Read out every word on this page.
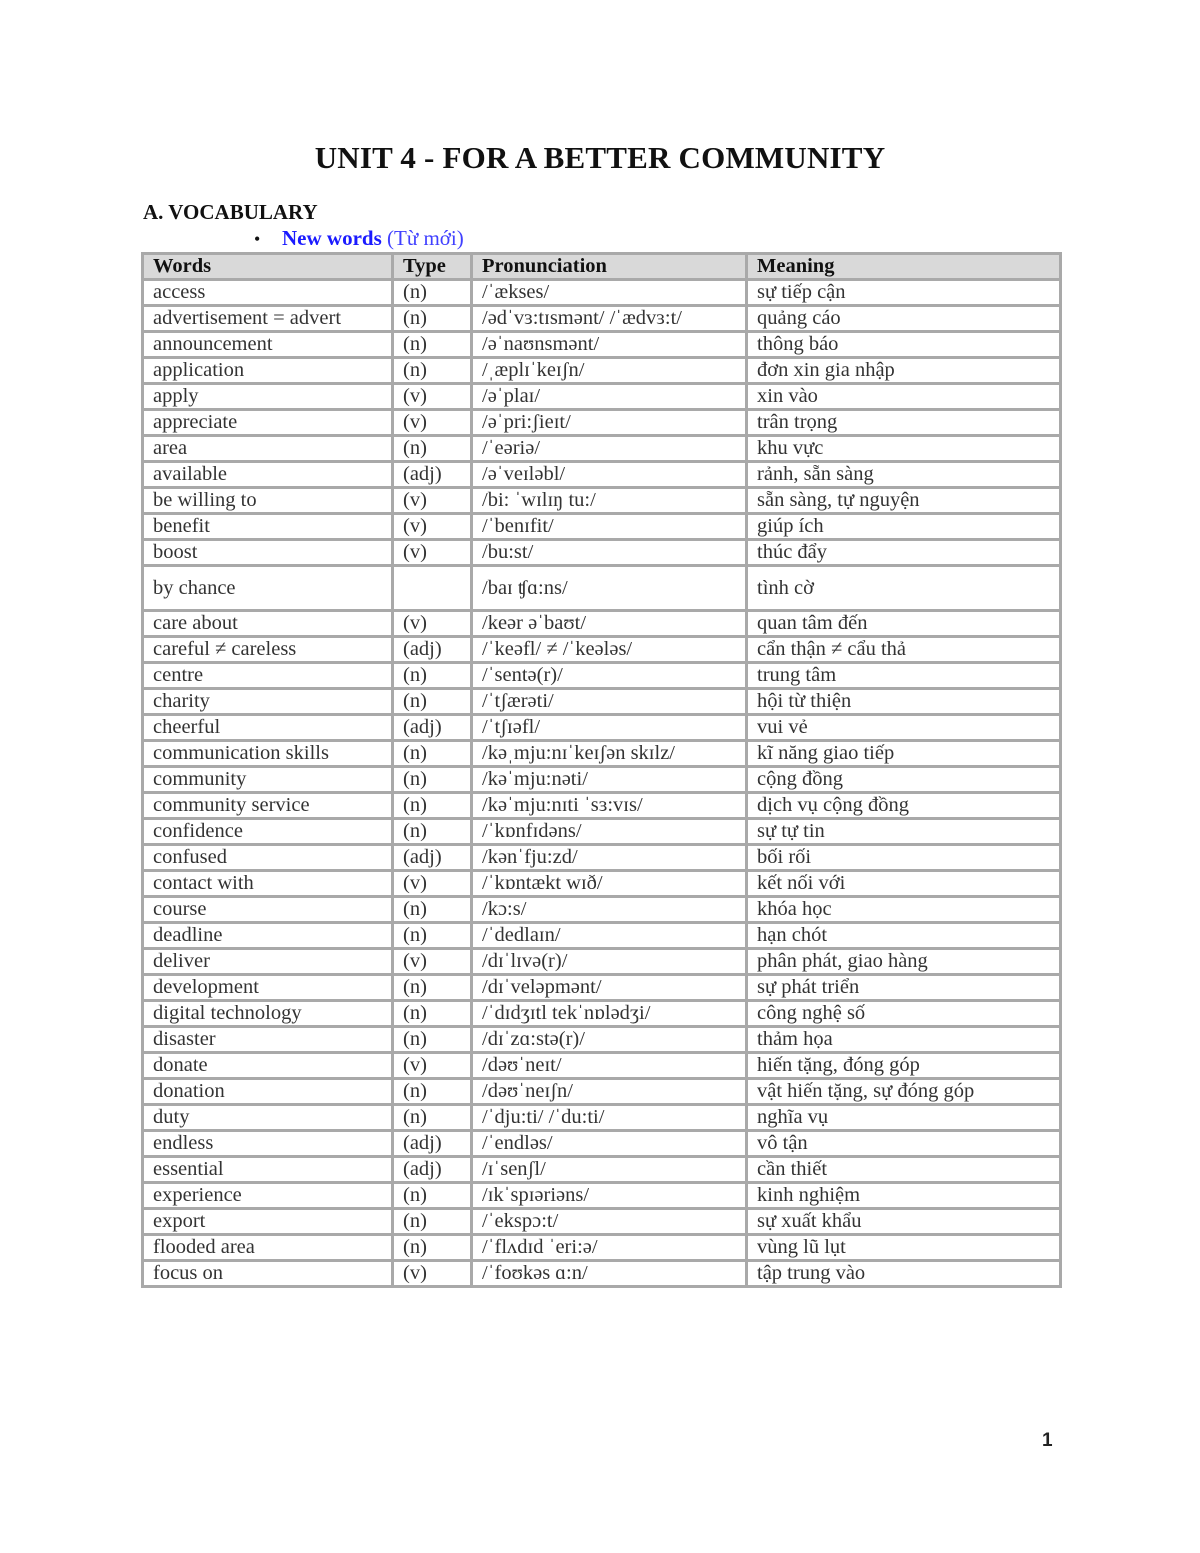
UNIT 4 - FOR A BETTER COMMUNITY
A. VOCABULARY
• New words (Từ mới)
Words	Type	Pronunciation	Meaning
access	(n)	/ˈækses/	sự tiếp cận
advertisement = advert	(n)	/ədˈvɜ:tɪsmənt/ /ˈædvɜ:t/	quảng cáo
announcement	(n)	/əˈnaʊnsmənt/	thông báo
application	(n)	/ˌæplɪˈkeɪʃn/	đơn xin gia nhập
apply	(v)	/əˈplaɪ/	xin vào
appreciate	(v)	/əˈpri:ʃieɪt/	trân trọng
area	(n)	/ˈeəriə/	khu vực
available	(adj)	/əˈveɪləbl/	rảnh, sẵn sàng
be willing to	(v)	/bi: ˈwɪlɪŋ tu:/	sẵn sàng, tự nguyện
benefit	(v)	/ˈbenɪfit/	giúp ích
boost	(v)	/bu:st/	thúc đẩy
by chance		/baɪ ʧɑ:ns/	tình cờ
care about	(v)	/keər əˈbaʊt/	quan tâm đến
careful ≠ careless	(adj)	/ˈkeəfl/ ≠ /ˈkeələs/	cẩn thận ≠ cẩu thả
centre	(n)	/ˈsentə(r)/	trung tâm
charity	(n)	/ˈtʃærəti/	hội từ thiện
cheerful	(adj)	/ˈtʃɪəfl/	vui vẻ
communication skills	(n)	/kəˌmju:nɪˈkeɪʃən skɪlz/	kĩ năng giao tiếp
community	(n)	/kəˈmju:nəti/	cộng đồng
community service	(n)	/kəˈmju:nɪti ˈsɜ:vɪs/	dịch vụ cộng đồng
confidence	(n)	/ˈkɒnfɪdəns/	sự tự tin
confused	(adj)	/kənˈfju:zd/	bối rối
contact with	(v)	/ˈkɒntækt wɪð/	kết nối với
course	(n)	/kɔ:s/	khóa học
deadline	(n)	/ˈdedlaɪn/	hạn chót
deliver	(v)	/dɪˈlɪvə(r)/	phân phát, giao hàng
development	(n)	/dɪˈveləpmənt/	sự phát triển
digital technology	(n)	/ˈdɪdʒɪtl tekˈnɒlədʒi/	công nghệ số
disaster	(n)	/dɪˈzɑ:stə(r)/	thảm họa
donate	(v)	/dəʊˈneɪt/	hiến tặng, đóng góp
donation	(n)	/dəʊˈneɪʃn/	vật hiến tặng, sự đóng góp
duty	(n)	/ˈdju:ti/ /ˈdu:ti/	nghĩa vụ
endless	(adj)	/ˈendləs/	vô tận
essential	(adj)	/ɪˈsenʃl/	cần thiết
experience	(n)	/ɪkˈspɪəriəns/	kinh nghiệm
export	(n)	/ˈekspɔ:t/	sự xuất khẩu
flooded area	(n)	/ˈflʌdɪd ˈeri:ə/	vùng lũ lụt
focus on	(v)	/ˈfoʊkəs ɑ:n/	tập trung vào
1
